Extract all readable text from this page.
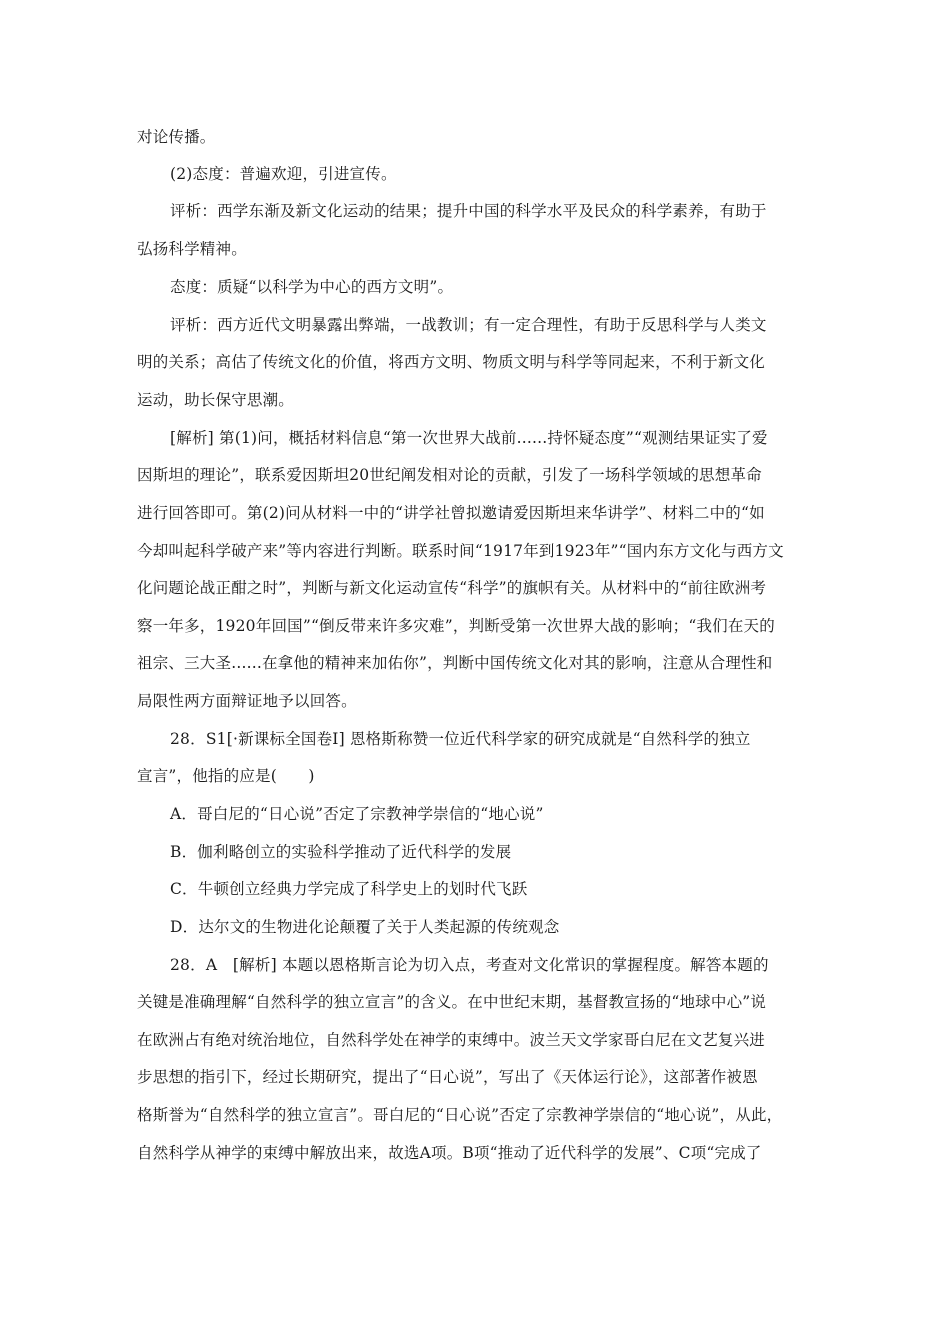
对论传播。
(2)态度：普遍欢迎，引进宣传。
评析：西学东渐及新文化运动的结果；提升中国的科学水平及民众的科学素养，有助于
弘扬科学精神。
态度：质疑“以科学为中心的西方文明”。
评析：西方近代文明暴露出弊端，一战教训；有一定合理性，有助于反思科学与人类文
明的关系；高估了传统文化的价值，将西方文明、物质文明与科学等同起来，不利于新文化
运动，助长保守思潮。
[解析] 第(1)问，概括材料信息“第一次世界大战前......持怀疑态度”“观测结果证实了爱
因斯坦的理论”，联系爱因斯坦20世纪阐发相对论的贡献，引发了一场科学领域的思想革命
进行回答即可。第(2)问从材料一中的“讲学社曾拟邀请爱因斯坦来华讲学”、材料二中的“如
今却叫起科学破产来”等内容进行判断。联系时间“1917年到1923年”“国内东方文化与西方文
化问题论战正酣之时”，判断与新文化运动宣传“科学”的旗帜有关。从材料中的“前往欧洲考
察一年多，1920年回国”“倒反带来许多灾难”，判断受第一次世界大战的影响；“我们在天的
祖宗、三大圣......在拿他的精神来加佑你”，判断中国传统文化对其的影响，注意从合理性和
局限性两方面辩证地予以回答。
28．S1[·新课标全国卷Ⅰ] 恩格斯称赞一位近代科学家的研究成就是“自然科学的独立
宣言”，他指的应是(　　)
A．哥白尼的“日心说”否定了宗教神学崇信的“地心说”
B．伽利略创立的实验科学推动了近代科学的发展
C．牛顿创立经典力学完成了科学史上的划时代飞跃
D．达尔文的生物进化论颠覆了关于人类起源的传统观念
28．A　[解析] 本题以恩格斯言论为切入点，考查对文化常识的掌握程度。解答本题的
关键是准确理解“自然科学的独立宣言”的含义。在中世纪末期，基督教宣扬的“地球中心”说
在欧洲占有绝对统治地位，自然科学处在神学的束缚中。波兰天文学家哥白尼在文艺复兴进
步思想的指引下，经过长期研究，提出了“日心说”，写出了《天体运行论》，这部著作被恩
格斯誉为“自然科学的独立宣言”。哥白尼的“日心说”否定了宗教神学崇信的“地心说”，从此，
自然科学从神学的束缚中解放出来，故选A项。B项“推动了近代科学的发展”、C项“完成了
